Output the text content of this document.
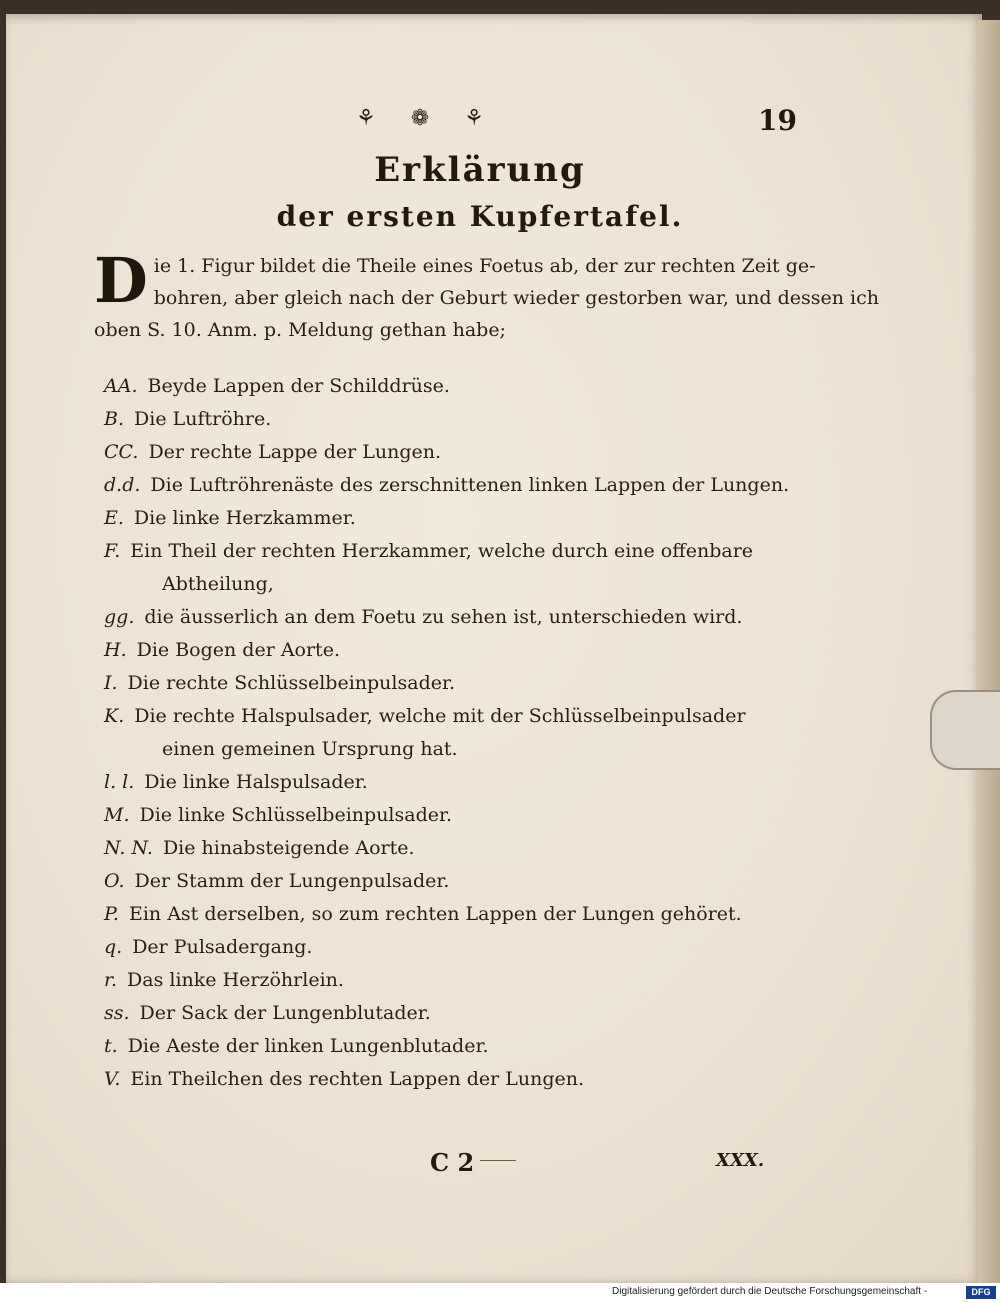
⚘ ❁ ⚘	19
Erklärung
der ersten Kupfertafel.
D ie 1. Figur bildet die Theile eines Foetus ab, der zur rechten Zeit ge-
bohren, aber gleich nach der Geburt wieder gestorben war, und dessen ich
oben S. 10. Anm. p. Meldung gethan habe;
AA. Beyde Lappen der Schilddrüse.
B. Die Luftröhre.
CC. Der rechte Lappe der Lungen.
d.d. Die Luftröhrenäste des zerschnittenen linken Lappen der Lungen.
E. Die linke Herzkammer.
F. Ein Theil der rechten Herzkammer, welche durch eine offenbare
Abtheilung,
gg. die äusserlich an dem Foetu zu sehen ist, unterschieden wird.
H. Die Bogen der Aorte.
I. Die rechte Schlüsselbeinpulsader.
K. Die rechte Halspulsader, welche mit der Schlüsselbeinpulsader
einen gemeinen Ursprung hat.
l. l. Die linke Halspulsader.
M. Die linke Schlüsselbeinpulsader.
N. N. Die hinabsteigende Aorte.
O. Der Stamm der Lungenpulsader.
P. Ein Ast derselben, so zum rechten Lappen der Lungen gehöret.
q. Der Pulsadergang.
r. Das linke Herzöhrlein.
ss. Der Sack der Lungenblutader.
t. Die Aeste der linken Lungenblutader.
V. Ein Theilchen des rechten Lappen der Lungen.
C 2	XXX.
Digitalisierung gefördert durch die Deutsche Forschungsgemeinschaft -	DFG
